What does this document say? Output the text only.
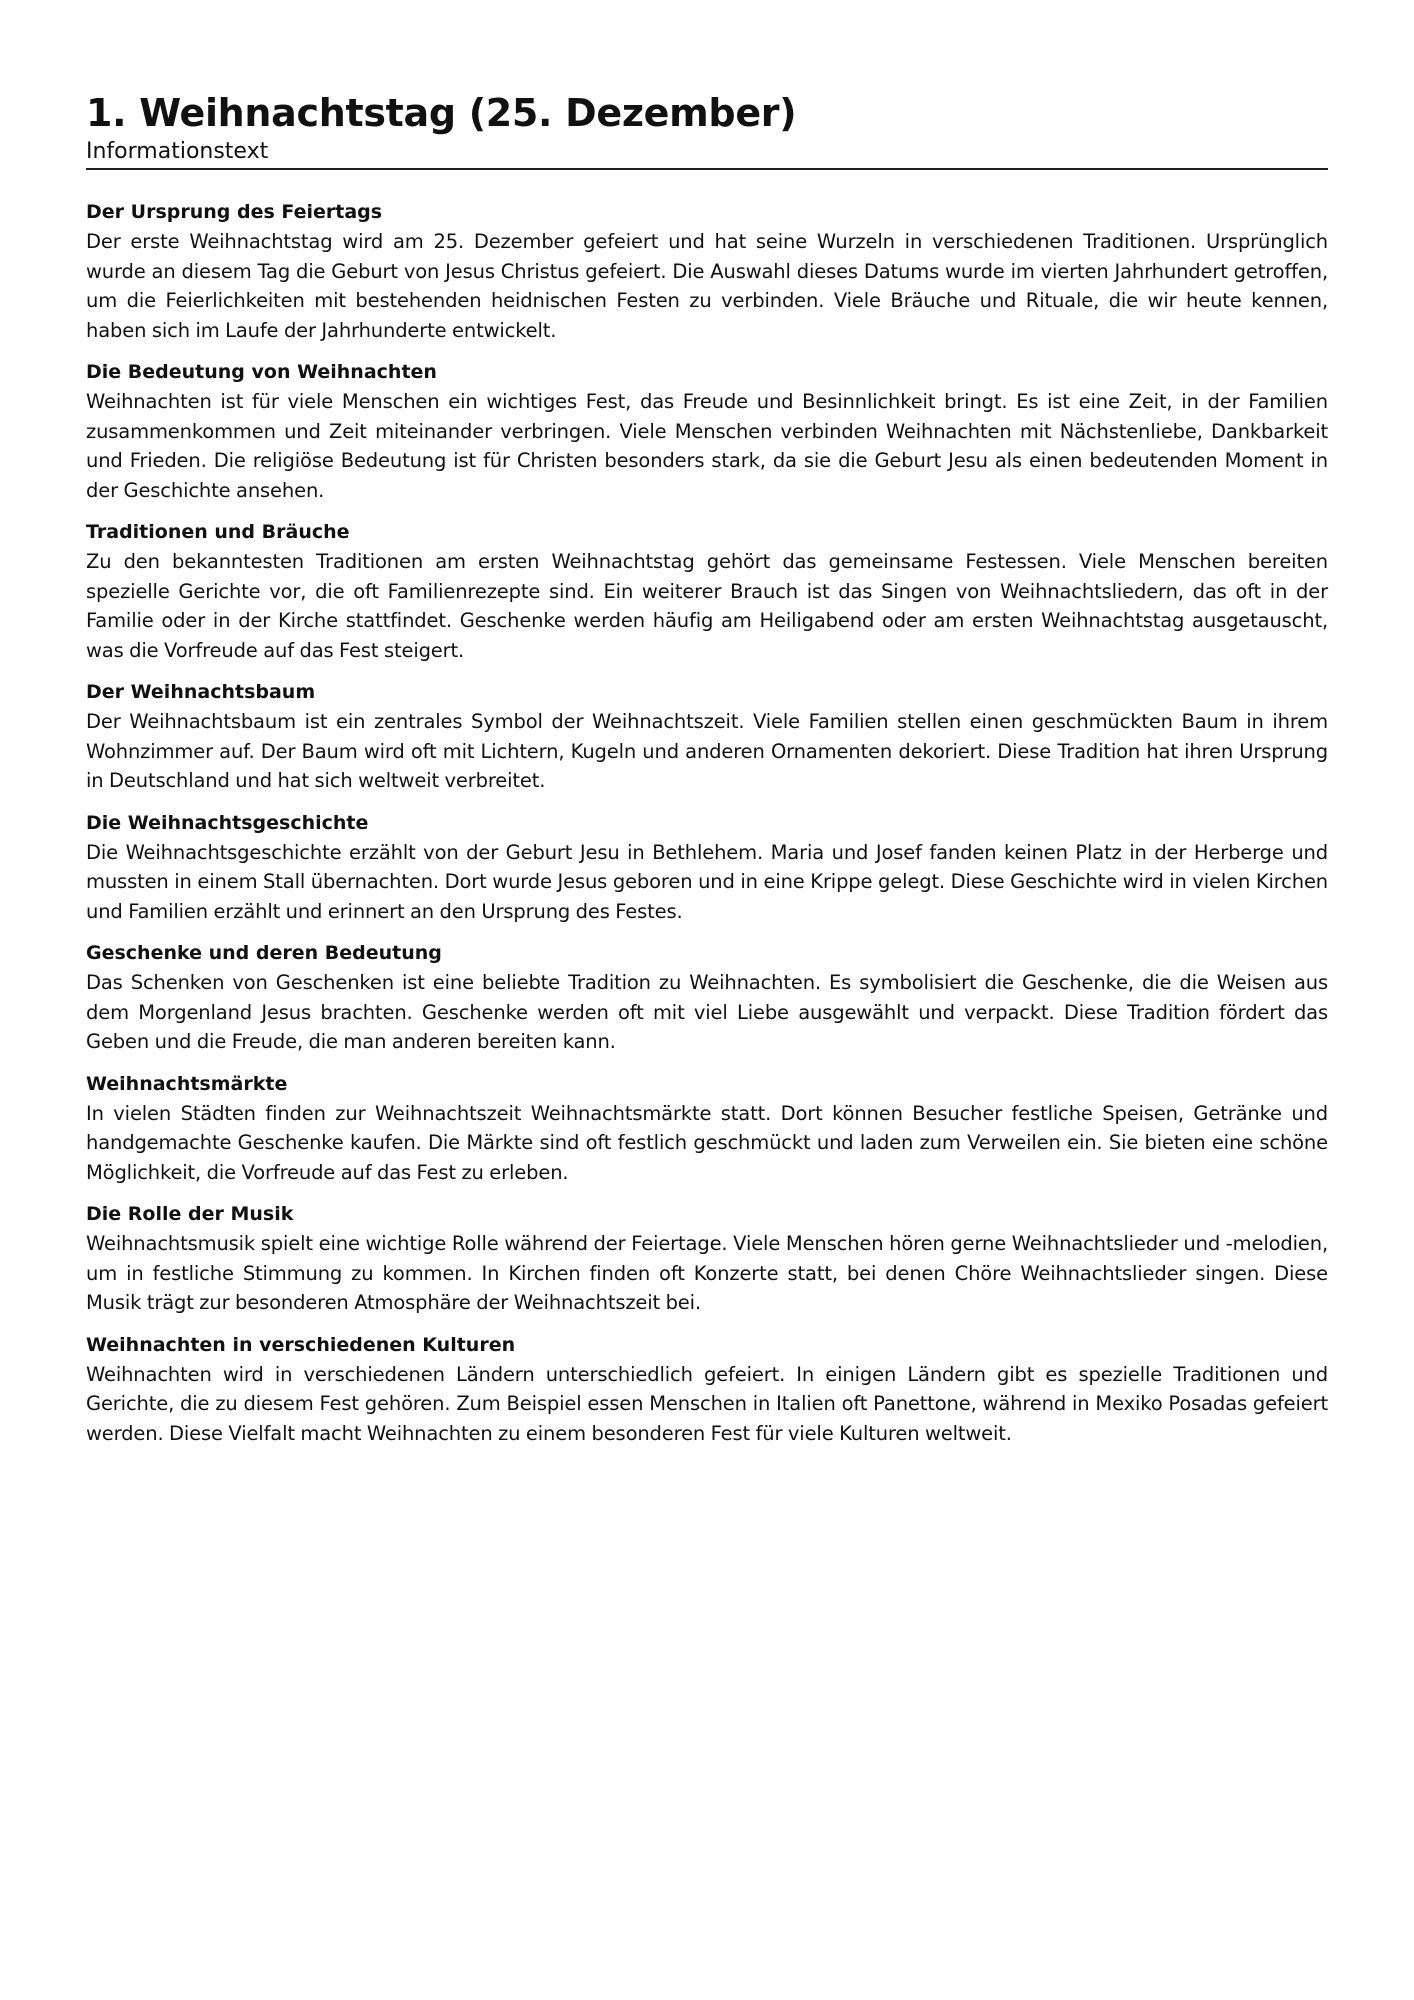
1. Weihnachtstag (25. Dezember)

Informationstext

Der Ursprung des Feiertags

Der erste Weihnachtstag wird am 25. Dezember gefeiert und hat seine Wurzeln in verschiedenen Traditionen. Ursprünglich wurde an diesem Tag die Geburt von Jesus Christus gefeiert. Die Auswahl dieses Datums wurde im vierten Jahrhundert getroffen, um die Feierlichkeiten mit bestehenden heidnischen Festen zu verbinden. Viele Bräuche und Rituale, die wir heute kennen, haben sich im Laufe der Jahrhunderte entwickelt.

Die Bedeutung von Weihnachten

Weihnachten ist für viele Menschen ein wichtiges Fest, das Freude und Besinnlichkeit bringt. Es ist eine Zeit, in der Familien zusammenkommen und Zeit miteinander verbringen. Viele Menschen verbinden Weihnachten mit Nächstenliebe, Dankbarkeit und Frieden. Die religiöse Bedeutung ist für Christen besonders stark, da sie die Geburt Jesu als einen bedeutenden Moment in der Geschichte ansehen.

Traditionen und Bräuche

Zu den bekanntesten Traditionen am ersten Weihnachtstag gehört das gemeinsame Festessen. Viele Menschen bereiten spezielle Gerichte vor, die oft Familienrezepte sind. Ein weiterer Brauch ist das Singen von Weihnachtsliedern, das oft in der Familie oder in der Kirche stattfindet. Geschenke werden häufig am Heiligabend oder am ersten Weihnachtstag ausgetauscht, was die Vorfreude auf das Fest steigert.

Der Weihnachtsbaum

Der Weihnachtsbaum ist ein zentrales Symbol der Weihnachtszeit. Viele Familien stellen einen geschmückten Baum in ihrem Wohnzimmer auf. Der Baum wird oft mit Lichtern, Kugeln und anderen Ornamenten dekoriert. Diese Tradition hat ihren Ursprung in Deutschland und hat sich weltweit verbreitet.

Die Weihnachtsgeschichte

Die Weihnachtsgeschichte erzählt von der Geburt Jesu in Bethlehem. Maria und Josef fanden keinen Platz in der Herberge und mussten in einem Stall übernachten. Dort wurde Jesus geboren und in eine Krippe gelegt. Diese Geschichte wird in vielen Kirchen und Familien erzählt und erinnert an den Ursprung des Festes.

Geschenke und deren Bedeutung

Das Schenken von Geschenken ist eine beliebte Tradition zu Weihnachten. Es symbolisiert die Geschenke, die die Weisen aus dem Morgenland Jesus brachten. Geschenke werden oft mit viel Liebe ausgewählt und verpackt. Diese Tradition fördert das Geben und die Freude, die man anderen bereiten kann.

Weihnachtsmärkte

In vielen Städten finden zur Weihnachtszeit Weihnachtsmärkte statt. Dort können Besucher festliche Speisen, Getränke und handgemachte Geschenke kaufen. Die Märkte sind oft festlich geschmückt und laden zum Verweilen ein. Sie bieten eine schöne Möglichkeit, die Vorfreude auf das Fest zu erleben.

Die Rolle der Musik

Weihnachtsmusik spielt eine wichtige Rolle während der Feiertage. Viele Menschen hören gerne Weihnachtslieder und -melodien, um in festliche Stimmung zu kommen. In Kirchen finden oft Konzerte statt, bei denen Chöre Weihnachtslieder singen. Diese Musik trägt zur besonderen Atmosphäre der Weihnachtszeit bei.

Weihnachten in verschiedenen Kulturen

Weihnachten wird in verschiedenen Ländern unterschiedlich gefeiert. In einigen Ländern gibt es spezielle Traditionen und Gerichte, die zu diesem Fest gehören. Zum Beispiel essen Menschen in Italien oft Panettone, während in Mexiko Posadas gefeiert werden. Diese Vielfalt macht Weihnachten zu einem besonderen Fest für viele Kulturen weltweit.
